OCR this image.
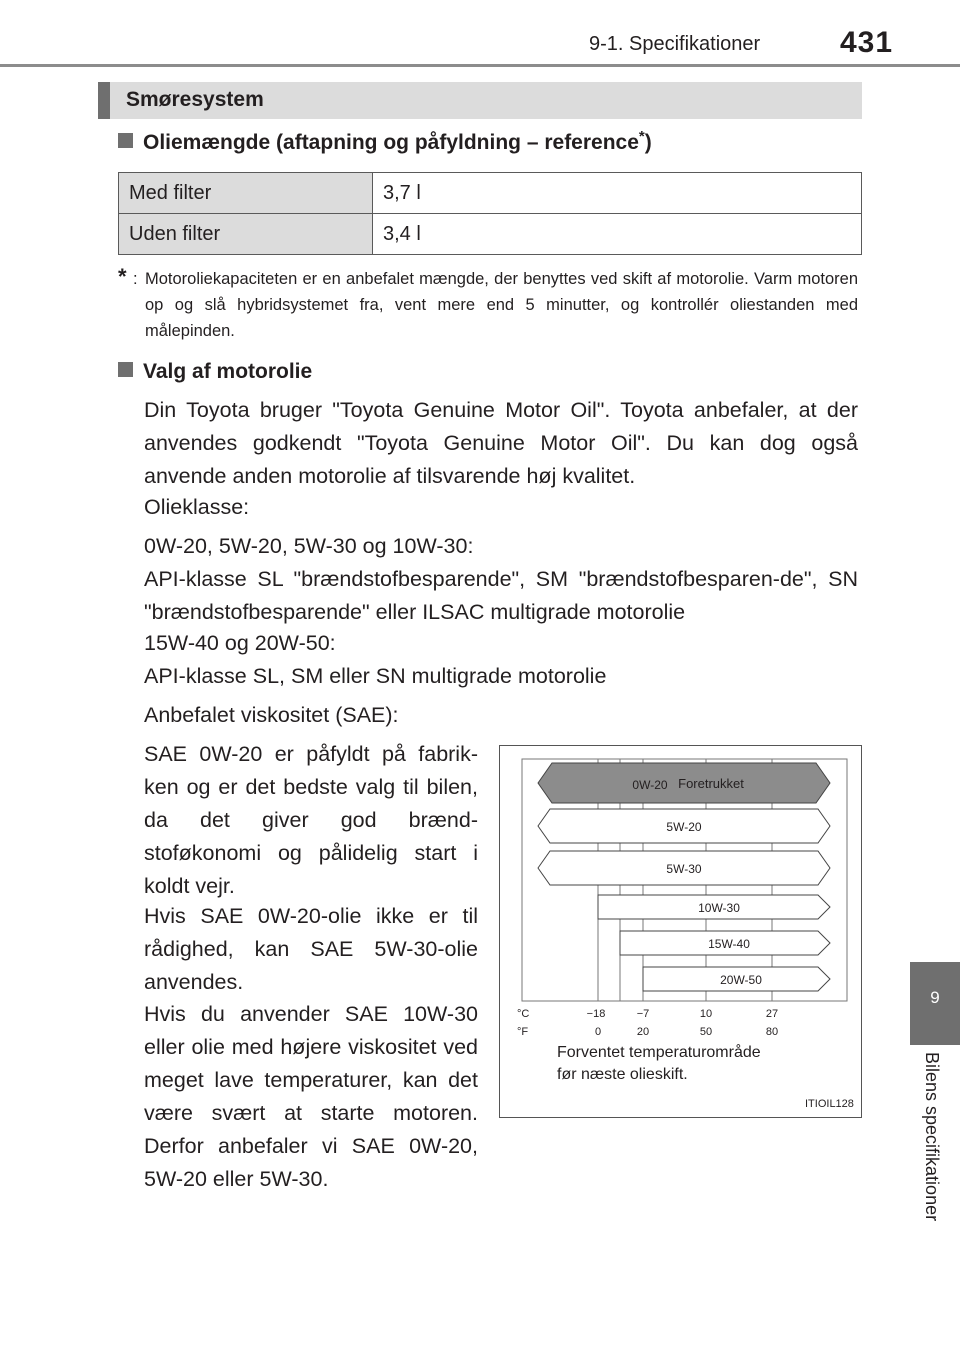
9-1. Specifikationer	431
9
Bilens specifikationer
Smøresystem
Oliemængde (aftapning og påfyldning – reference*)
Med filter	3,7 l
Uden filter	3,4 l
* : Motoroliekapaciteten er en anbefalet mængde, der benyttes ved skift af motorolie. Varm motoren op og slå hybridsystemet fra, vent mere end 5 minutter, og kontrollér oliestanden med målepinden.
Valg af motorolie
Din Toyota bruger "Toyota Genuine Motor Oil". Toyota anbefaler, at der anvendes godkendt "Toyota Genuine Motor Oil". Du kan dog også anvende anden motorolie af tilsvarende høj kvalitet.
Olieklasse:
0W-20, 5W-20, 5W-30 og 10W-30:
API-klasse SL "brændstofbesparende", SM "brændstofbesparen-de", SN "brændstofbesparende" eller ILSAC multigrade motorolie
15W-40 og 20W-50:
API-klasse SL, SM eller SN multigrade motorolie
Anbefalet viskositet (SAE):
SAE 0W-20 er påfyldt på fabrik-ken og er det bedste valg til bilen, da det giver god brænd-stoføkonomi og pålidelig start i koldt vejr.
Hvis SAE 0W-20-olie ikke er til rådighed, kan SAE 5W-30-olie anvendes.
Hvis du anvender SAE 10W-30 eller olie med højere viskositet ved meget lave temperaturer, kan det være svært at starte motoren. Derfor anbefaler vi SAE 0W-20, 5W-20 eller 5W-30.
0W-20 Foretrukket
5W-20
5W-30
10W-30
15W-40
20W-50
°C
°F
−18	−7	10	27
0	20	50	80
Forventet temperaturområde
før næste olieskift.
ITIOIL128
